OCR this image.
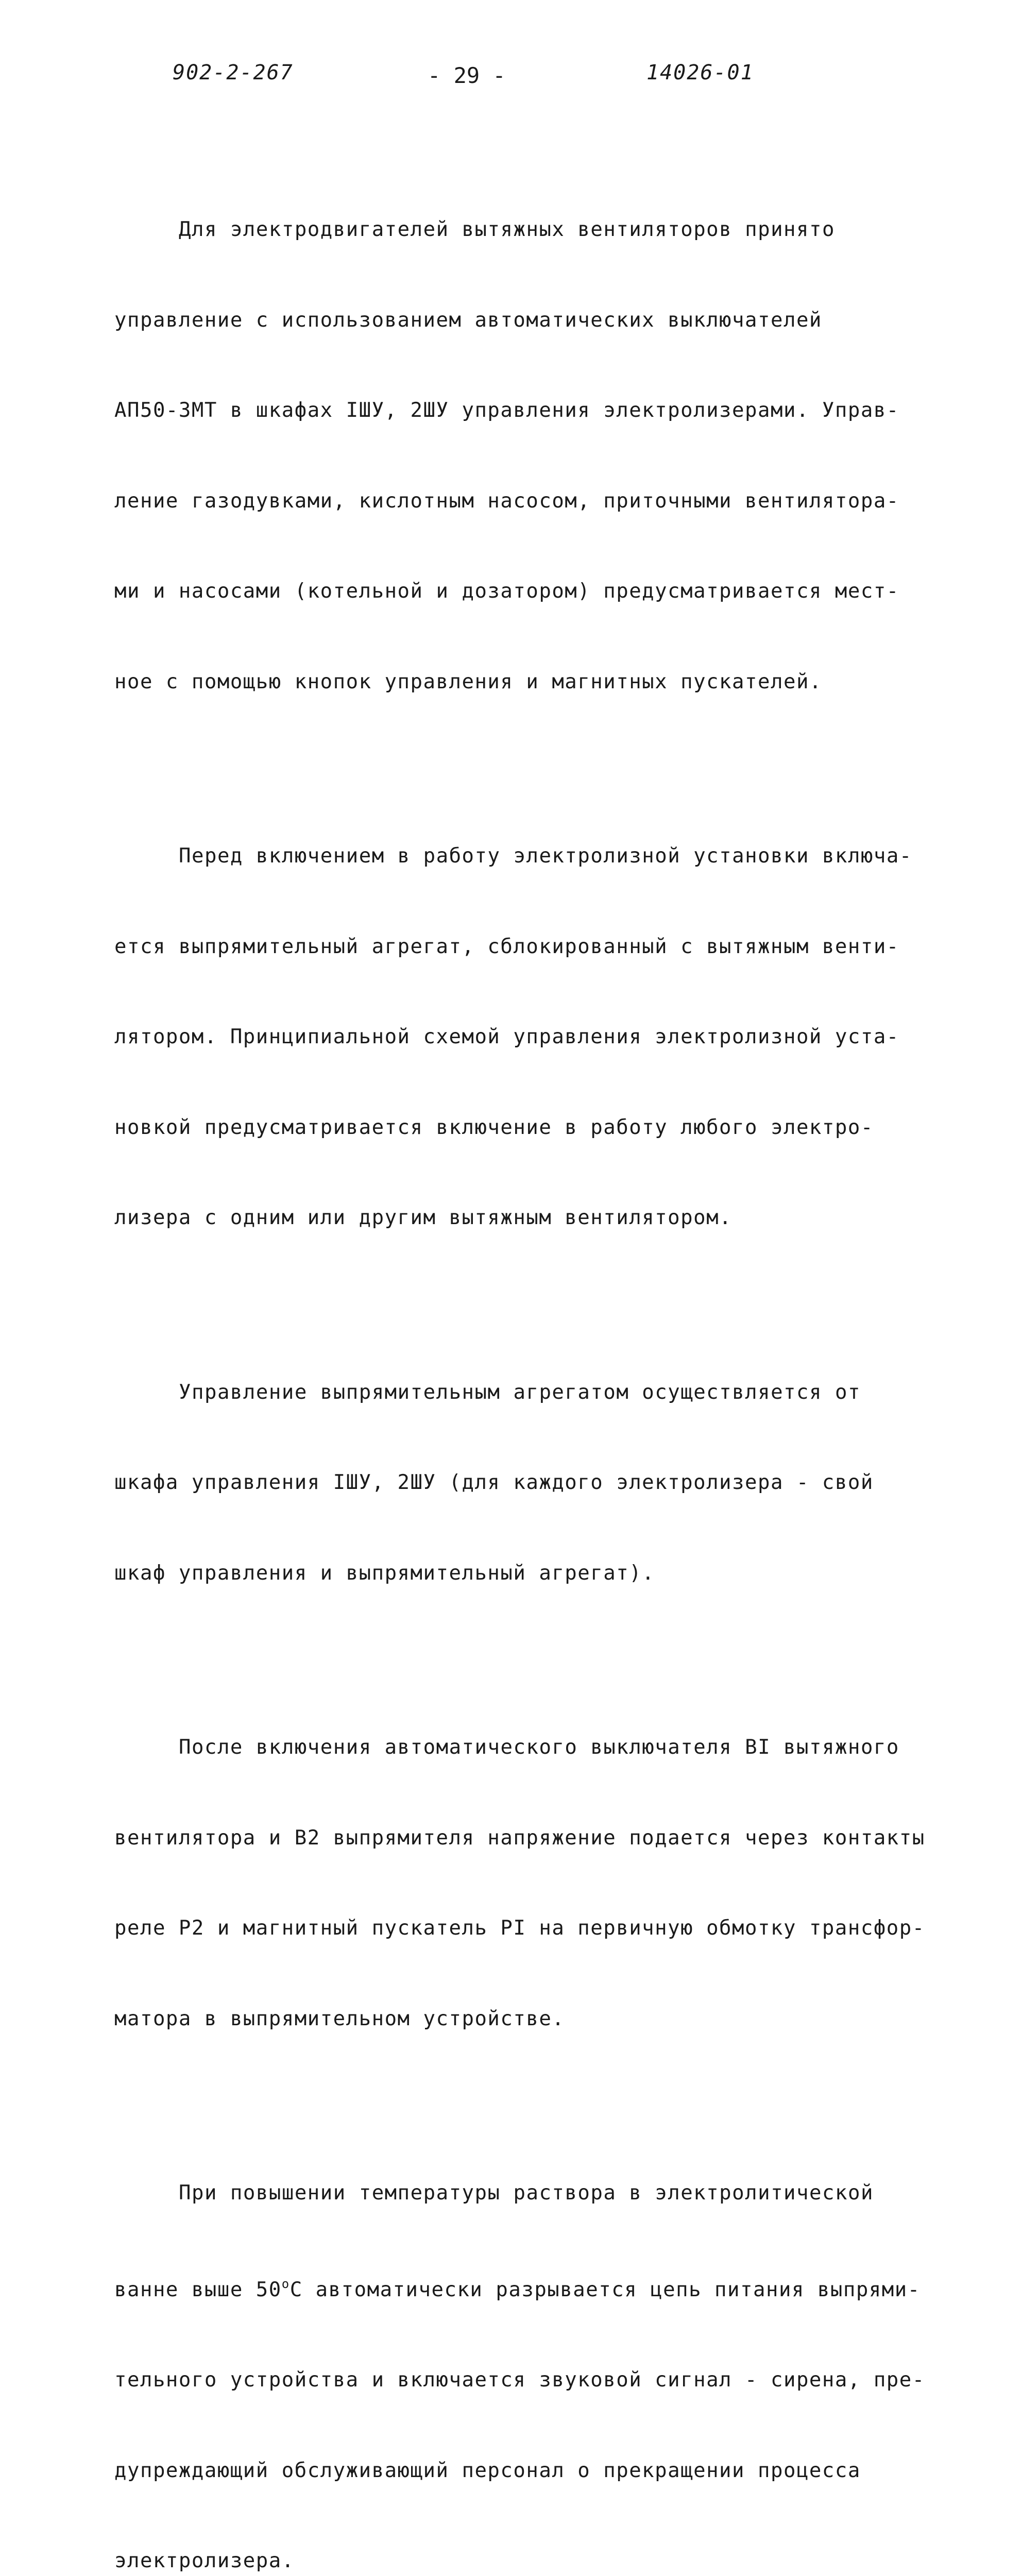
902-2-267	- 29 -	14026-01

Для электродвигателей вытяжных вентиляторов принято

управление с использованием автоматических выключателей

АП50-ЗМТ в шкафах IШУ, 2ШУ управления электролизерами. Управ-

ление газодувками, кислотным насосом, приточными вентилятора-

ми и насосами (котельной и дозатором) предусматривается мест-

ное с помощью кнопок управления и магнитных пускателей.

Перед включением в работу электролизной установки включа-

ется выпрямительный агрегат, сблокированный с вытяжным венти-

лятором. Принципиальной схемой управления электролизной уста-

новкой предусматривается включение в работу любого электро-

лизера с одним или другим вытяжным вентилятором.

Управление выпрямительным агрегатом осуществляется от

шкафа управления IШУ, 2ШУ (для каждого электролизера - свой

шкаф управления и выпрямительный агрегат).

После включения автоматического выключателя BI вытяжного

вентилятора и В2 выпрямителя напряжение подается через контакты

реле Р2 и магнитный пускатель PI на первичную обмотку трансфор-

матора в выпрямительном устройстве.

При повышении температуры раствора в электролитической

ванне выше 50$^o$С автоматически разрывается цепь питания выпрями-

тельного устройства и включается звуковой сигнал - сирена, пре-

дупреждающий обслуживающий персонал о прекращении процесса

электролизера.
